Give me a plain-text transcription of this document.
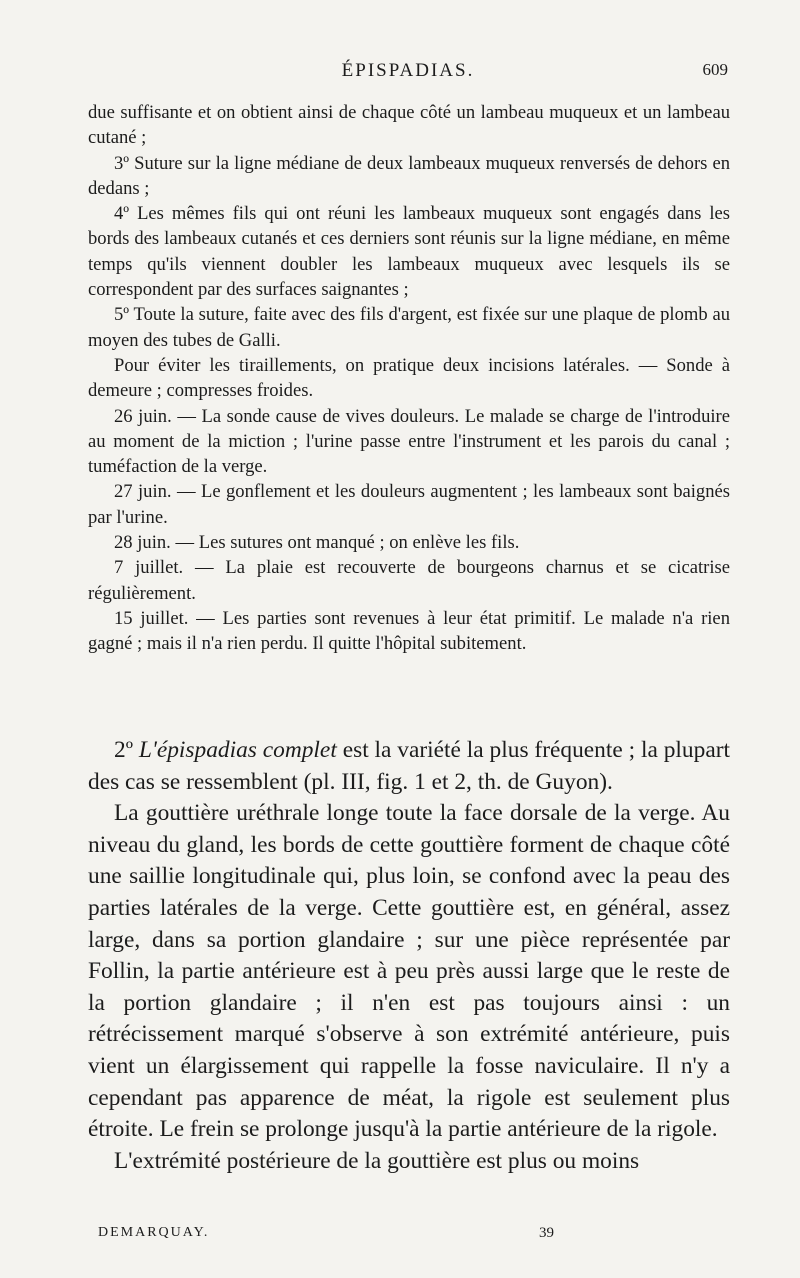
ÉPISPADIAS.	609

due suffisante et on obtient ainsi de chaque côté un lambeau muqueux et un lambeau cutané ;

3º Suture sur la ligne médiane de deux lambeaux muqueux renversés de dehors en dedans ;

4º Les mêmes fils qui ont réuni les lambeaux muqueux sont engagés dans les bords des lambeaux cutanés et ces derniers sont réunis sur la ligne médiane, en même temps qu'ils viennent doubler les lambeaux muqueux avec lesquels ils se correspondent par des surfaces saignantes ;

5º Toute la suture, faite avec des fils d'argent, est fixée sur une plaque de plomb au moyen des tubes de Galli.

Pour éviter les tiraillements, on pratique deux incisions latérales. — Sonde à demeure ; compresses froides.

26 juin. — La sonde cause de vives douleurs. Le malade se charge de l'introduire au moment de la miction ; l'urine passe entre l'instrument et les parois du canal ; tuméfaction de la verge.

27 juin. — Le gonflement et les douleurs augmentent ; les lambeaux sont baignés par l'urine.

28 juin. — Les sutures ont manqué ; on enlève les fils.

7 juillet. — La plaie est recouverte de bourgeons charnus et se cicatrise régulièrement.

15 juillet. — Les parties sont revenues à leur état primitif. Le malade n'a rien gagné ; mais il n'a rien perdu. Il quitte l'hôpital subitement.

2º L'épispadias complet est la variété la plus fréquente ; la plupart des cas se ressemblent (pl. III, fig. 1 et 2, th. de Guyon).

La gouttière uréthrale longe toute la face dorsale de la verge. Au niveau du gland, les bords de cette gouttière forment de chaque côté une saillie longitudinale qui, plus loin, se confond avec la peau des parties latérales de la verge. Cette gouttière est, en général, assez large, dans sa portion glandaire ; sur une pièce représentée par Follin, la partie antérieure est à peu près aussi large que le reste de la portion glandaire ; il n'en est pas toujours ainsi : un rétrécissement marqué s'observe à son extrémité antérieure, puis vient un élargissement qui rappelle la fosse naviculaire. Il n'y a cependant pas apparence de méat, la rigole est seulement plus étroite. Le frein se prolonge jusqu'à la partie antérieure de la rigole.

L'extrémité postérieure de la gouttière est plus ou moins

DEMARQUAY.	39
